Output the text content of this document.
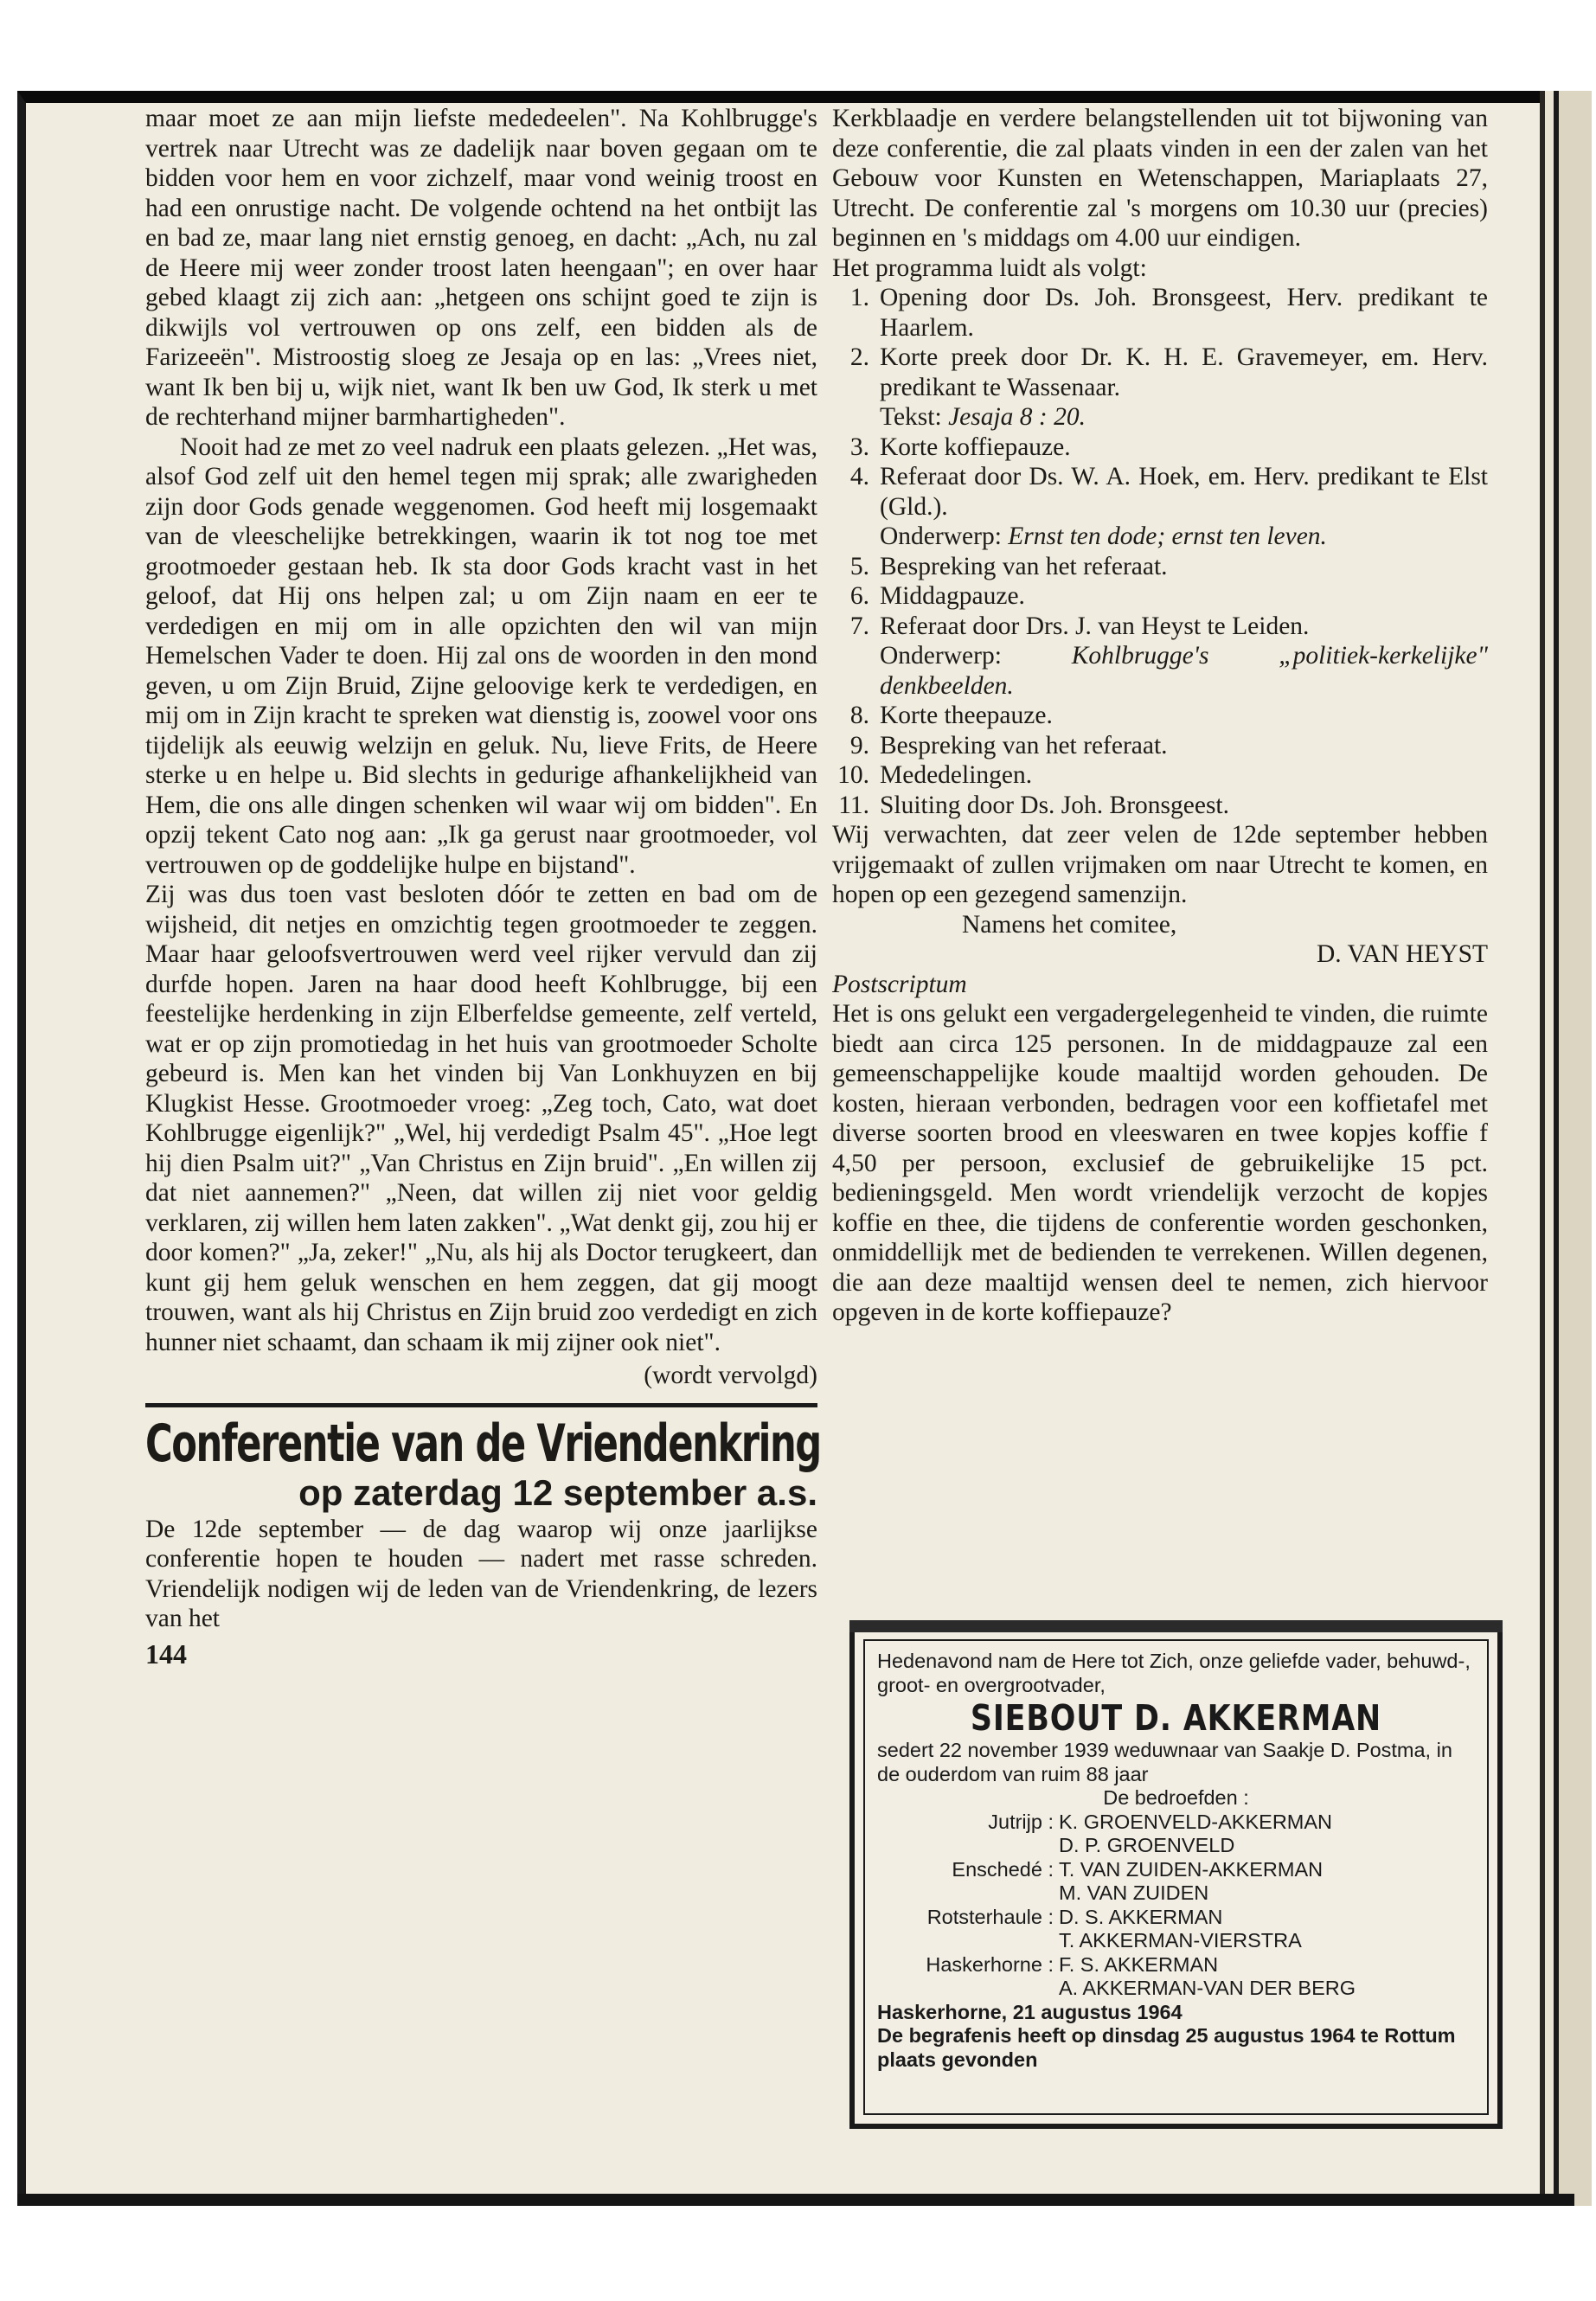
maar moet ze aan mijn liefste mededeelen". Na Kohlbrugge's vertrek naar Utrecht was ze dadelijk naar boven gegaan om te bidden voor hem en voor zichzelf, maar vond weinig troost en had een onrustige nacht. De volgende ochtend na het ontbijt las en bad ze, maar lang niet ernstig genoeg, en dacht: „Ach, nu zal de Heere mij weer zonder troost laten heengaan"; en over haar gebed klaagt zij zich aan: „hetgeen ons schijnt goed te zijn is dikwijls vol vertrouwen op ons zelf, een bidden als de Farizeeën". Mistroostig sloeg ze Jesaja op en las: „Vrees niet, want Ik ben bij u, wijk niet, want Ik ben uw God, Ik sterk u met de rechterhand mijner barmhartigheden".

Nooit had ze met zo veel nadruk een plaats gelezen. „Het was, alsof God zelf uit den hemel tegen mij sprak; alle zwarigheden zijn door Gods genade weggenomen. God heeft mij losgemaakt van de vleeschelijke betrekkingen, waarin ik tot nog toe met grootmoeder gestaan heb. Ik sta door Gods kracht vast in het geloof, dat Hij ons helpen zal; u om Zijn naam en eer te verdedigen en mij om in alle opzichten den wil van mijn Hemelschen Vader te doen. Hij zal ons de woorden in den mond geven, u om Zijn Bruid, Zijne geloovige kerk te verdedigen, en mij om in Zijn kracht te spreken wat dienstig is, zoowel voor ons tijdelijk als eeuwig welzijn en geluk. Nu, lieve Frits, de Heere sterke u en helpe u. Bid slechts in gedurige afhankelijkheid van Hem, die ons alle dingen schenken wil waar wij om bidden". En opzij tekent Cato nog aan: „Ik ga gerust naar grootmoeder, vol vertrouwen op de goddelijke hulpe en bijstand".

Zij was dus toen vast besloten dóór te zetten en bad om de wijsheid, dit netjes en omzichtig tegen grootmoeder te zeggen. Maar haar geloofsvertrouwen werd veel rijker vervuld dan zij durfde hopen. Jaren na haar dood heeft Kohlbrugge, bij een feestelijke herdenking in zijn Elberfeldse gemeente, zelf verteld, wat er op zijn promotiedag in het huis van grootmoeder Scholte gebeurd is. Men kan het vinden bij Van Lonkhuyzen en bij Klugkist Hesse. Grootmoeder vroeg: „Zeg toch, Cato, wat doet Kohlbrugge eigenlijk?" „Wel, hij verdedigt Psalm 45". „Hoe legt hij dien Psalm uit?" „Van Christus en Zijn bruid". „En willen zij dat niet aannemen?" „Neen, dat willen zij niet voor geldig verklaren, zij willen hem laten zakken". „Wat denkt gij, zou hij er door komen?" „Ja, zeker!" „Nu, als hij als Doctor terugkeert, dan kunt gij hem geluk wenschen en hem zeggen, dat gij moogt trouwen, want als hij Christus en Zijn bruid zoo verdedigt en zich hunner niet schaamt, dan schaam ik mij zijner ook niet".

(wordt vervolgd)

Conferentie van de Vriendenkring
op zaterdag 12 september a.s.

De 12de september — de dag waarop wij onze jaarlijkse conferentie hopen te houden — nadert met rasse schreden. Vriendelijk nodigen wij de leden van de Vriendenkring, de lezers van het

144

Kerkblaadje en verdere belangstellenden uit tot bijwoning van deze conferentie, die zal plaats vinden in een der zalen van het Gebouw voor Kunsten en Wetenschappen, Mariaplaats 27, Utrecht. De conferentie zal 's morgens om 10.30 uur (precies) beginnen en 's middags om 4.00 uur eindigen.

Het programma luidt als volgt:

1. Opening door Ds. Joh. Bronsgeest, Herv. predikant te Haarlem.
2. Korte preek door Dr. K. H. E. Gravemeyer, em. Herv. predikant te Wassenaar.
Tekst: Jesaja 8 : 20.
3. Korte koffiepauze.
4. Referaat door Ds. W. A. Hoek, em. Herv. predikant te Elst (Gld.).
Onderwerp: Ernst ten dode; ernst ten leven.
5. Bespreking van het referaat.
6. Middagpauze.
7. Referaat door Drs. J. van Heyst te Leiden.
Onderwerp:	Kohlbrugge's „politiek-kerkelijke" denkbeelden.
8. Korte theepauze.
9. Bespreking van het referaat.
10. Mededelingen.
11. Sluiting door Ds. Joh. Bronsgeest.

Wij verwachten, dat zeer velen de 12de september hebben vrijgemaakt of zullen vrijmaken om naar Utrecht te komen, en hopen op een gezegend samenzijn.

Namens het comitee,

D. VAN HEYST

Postscriptum

Het is ons gelukt een vergadergelegenheid te vinden, die ruimte biedt aan circa 125 personen. In de middagpauze zal een gemeenschappelijke koude maaltijd worden gehouden. De kosten, hieraan verbonden, bedragen voor een koffietafel met diverse soorten brood en vleeswaren en twee kopjes koffie f 4,50 per persoon, exclusief de gebruikelijke 15 pct. bedieningsgeld. Men wordt vriendelijk verzocht de kopjes koffie en thee, die tijdens de conferentie worden geschonken, onmiddellijk met de bedienden te verrekenen. Willen degenen, die aan deze maaltijd wensen deel te nemen, zich hiervoor opgeven in de korte koffiepauze?

Hedenavond nam de Here tot Zich, onze geliefde vader, behuwd-, groot- en overgrootvader,

SIEBOUT D. AKKERMAN

sedert 22 november 1939 weduwnaar van Saakje D. Postma, in de ouderdom van ruim 88 jaar

De bedroefden :

Jutrijp : K. GROENVELD-AKKERMAN
D. P. GROENVELD
Enschedé : T. VAN ZUIDEN-AKKERMAN
M. VAN ZUIDEN
Rotsterhaule : D. S. AKKERMAN
T. AKKERMAN-VIERSTRA
Haskerhorne : F. S. AKKERMAN
A. AKKERMAN-VAN DER BERG

Haskerhorne, 21 augustus 1964

De begrafenis heeft op dinsdag 25 augustus 1964 te Rottum plaats gevonden
